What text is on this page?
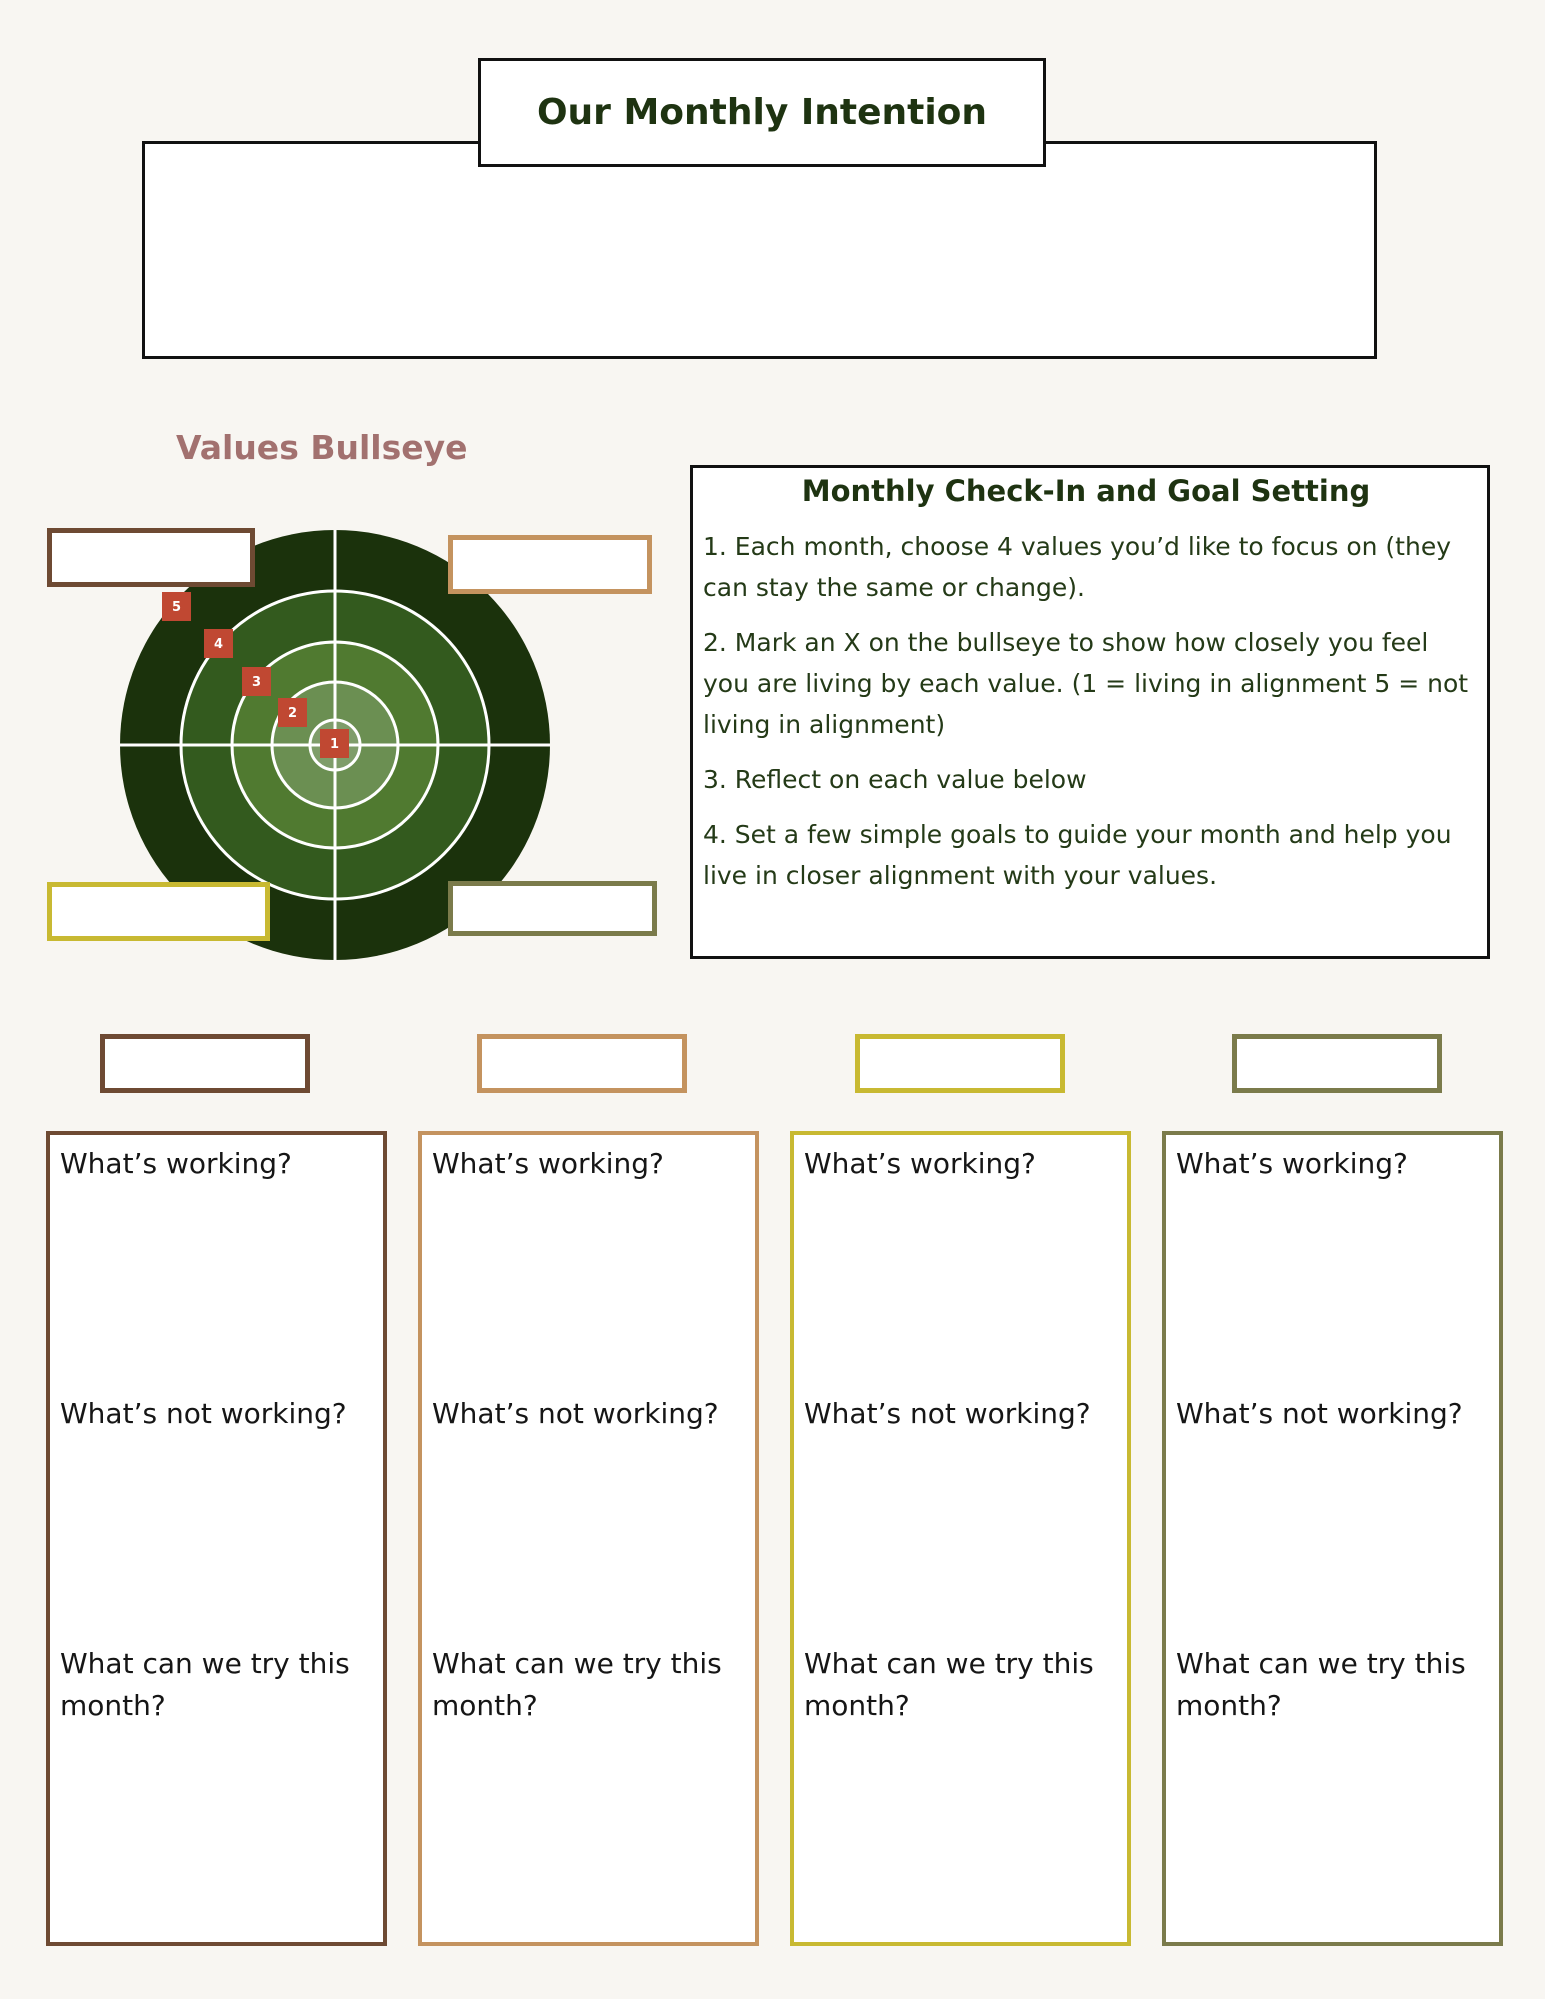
Our Monthly Intention
Values Bullseye
5
4
3
2
1
Monthly Check-In and Goal Setting
1. Each month, choose 4 values you’d like to focus on (they can stay the same or change).
2. Mark an X on the bullseye to show how closely you feel you are living by each value. (1 = living in alignment 5 = not living in alignment)
3. Reflect on each value below
4. Set a few simple goals to guide your month and help you live in closer alignment with your values.

What’s working?

What’s not working?

What can we try this month?

What’s working?

What’s not working?

What can we try this month?

What’s working?

What’s not working?

What can we try this month?

What’s working?

What’s not working?

What can we try this month?
